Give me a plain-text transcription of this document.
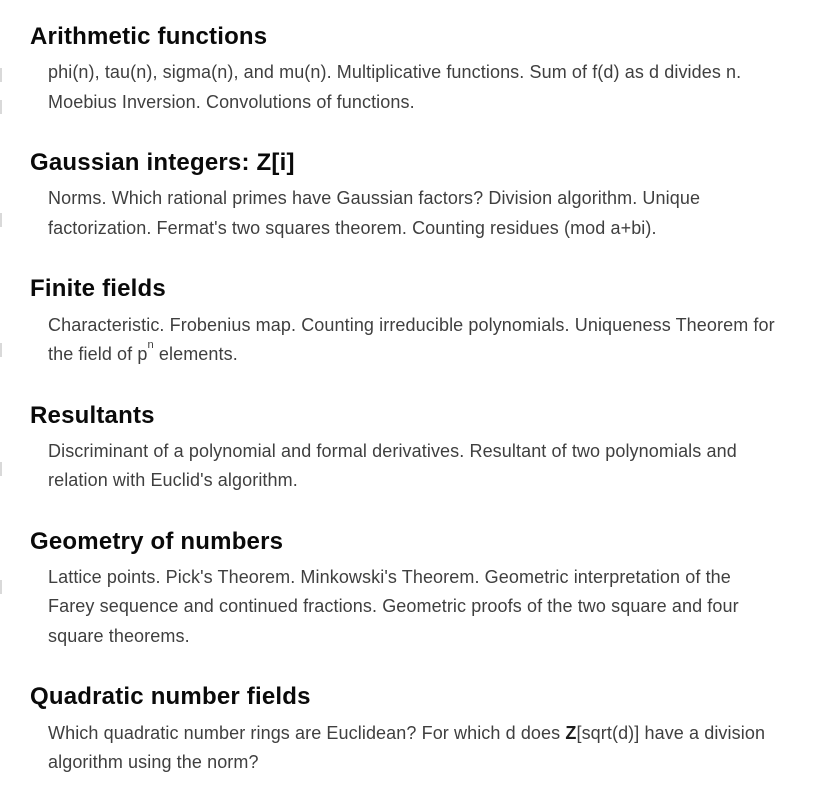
Arithmetic functions
phi(n), tau(n), sigma(n), and mu(n). Multiplicative functions. Sum of f(d) as d divides n.
Moebius Inversion. Convolutions of functions.
Gaussian integers: Z[i]
Norms. Which rational primes have Gaussian factors? Division algorithm. Unique
factorization. Fermat's two squares theorem. Counting residues (mod a+bi).
Finite fields
Characteristic. Frobenius map. Counting irreducible polynomials. Uniqueness Theorem for
the field of $p^n$ elements.
Resultants
Discriminant of a polynomial and formal derivatives. Resultant of two polynomials and
relation with Euclid's algorithm.
Geometry of numbers
Lattice points. Pick's Theorem. Minkowski's Theorem. Geometric interpretation of the
Farey sequence and continued fractions. Geometric proofs of the two square and four
square theorems.
Quadratic number fields
Which quadratic number rings are Euclidean? For which d does Z[sqrt(d)] have a division
algorithm using the norm?
